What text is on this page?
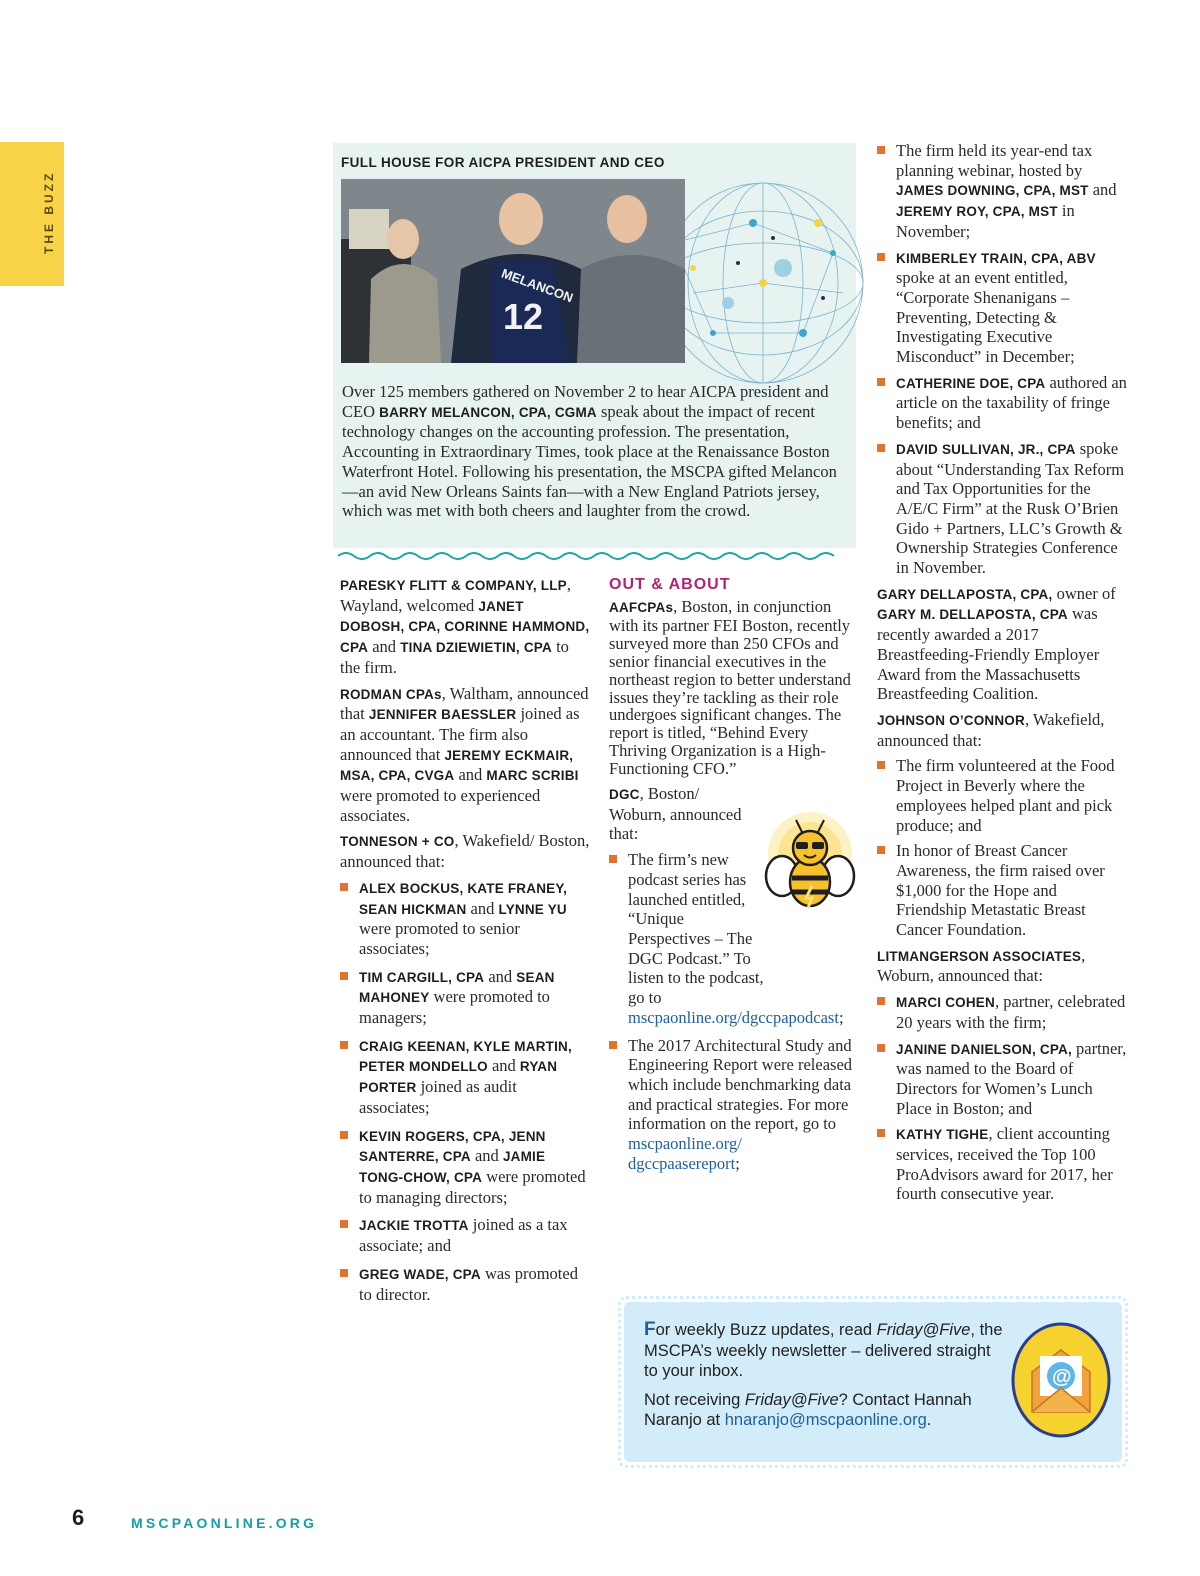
THE BUZZ
FULL HOUSE FOR AICPA PRESIDENT AND CEO
12
MELANCON

Over 125 members gathered on November 2 to hear AICPA president and CEO BARRY MELANCON, CPA, CGMA speak about the impact of recent technology changes on the accounting profession. The presentation, Accounting in Extraordinary Times, took place at the Renaissance Boston Waterfront Hotel. Following his presentation, the MSCPA gifted Melancon—an avid New Orleans Saints fan—with a New England Patriots jersey, which was met with both cheers and laughter from the crowd.

PARESKY FLITT & COMPANY, LLP, Wayland, welcomed JANET DOBOSH, CPA, CORINNE HAMMOND, CPA and TINA DZIEWIETIN, CPA to the firm.

RODMAN CPAs, Waltham, announced that JENNIFER BAESSLER joined as an accountant. The firm also announced that JEREMY ECKMAIR, MSA, CPA, CVGA and MARC SCRIBI were promoted to experienced associates.

TONNESON + CO, Wakefield/ Boston, announced that:

ALEX BOCKUS, KATE FRANEY, SEAN HICKMAN and LYNNE YU were promoted to senior associates;
TIM CARGILL, CPA and SEAN MAHONEY were promoted to managers;
CRAIG KEENAN, KYLE MARTIN, PETER MONDELLO and RYAN PORTER joined as audit associates;
KEVIN ROGERS, CPA, JENN SANTERRE, CPA and JAMIE TONG-CHOW, CPA were promoted to managing directors;
JACKIE TROTTA joined as a tax associate; and
GREG WADE, CPA was promoted to director.
OUT & ABOUT

AAFCPAs, Boston, in conjunction with its partner FEI Boston, recently surveyed more than 250 CFOs and senior financial executives in the northeast region to better understand issues they’re tackling as their role undergoes significant changes. The report is titled, “Behind Every Thriving Organization is a High-Functioning CFO.”

DGC, Boston/ Woburn, announced that:

The firm’s new podcast series has launched entitled, “Unique Perspectives – The DGC Podcast.” To listen to the podcast, go to mscpaonline.org/dgccpapodcast;
The 2017 Architectural Study and Engineering Report were released which include benchmarking data and practical strategies. For more information on the report, go to mscpaonline.org/ dgccpaasereport;
The firm held its year-end tax planning webinar, hosted by JAMES DOWNING, CPA, MST and JEREMY ROY, CPA, MST in November;
KIMBERLEY TRAIN, CPA, ABV spoke at an event entitled, “Corporate Shenanigans – Preventing, Detecting & Investigating Executive Misconduct” in December;
CATHERINE DOE, CPA authored an article on the taxability of fringe benefits; and
DAVID SULLIVAN, JR., CPA spoke about “Understanding Tax Reform and Tax Opportunities for the A/E/C Firm” at the Rusk O’Brien Gido + Partners, LLC’s Growth & Ownership Strategies Conference in November.

GARY DELLAPOSTA, CPA, owner of GARY M. DELLAPOSTA, CPA was recently awarded a 2017 Breastfeeding-Friendly Employer Award from the Massachusetts Breastfeeding Coalition.

JOHNSON O’CONNOR, Wakefield, announced that:

The firm volunteered at the Food Project in Beverly where the employees helped plant and pick produce; and
In honor of Breast Cancer Awareness, the firm raised over $1,000 for the Hope and Friendship Metastatic Breast Cancer Foundation.

LITMANGERSON ASSOCIATES, Woburn, announced that:

MARCI COHEN, partner, celebrated 20 years with the firm;
JANINE DANIELSON, CPA, partner, was named to the Board of Directors for Women’s Lunch Place in Boston; and
KATHY TIGHE, client accounting services, received the Top 100 ProAdvisors award for 2017, her fourth consecutive year.

For weekly Buzz updates, read Friday@Five, the MSCPA’s weekly newsletter – delivered straight to your inbox.

Not receiving Friday@Five? Contact Hannah Naranjo at hnaranjo@mscpaonline.org.

@
6	MSCPAONLINE.ORG
